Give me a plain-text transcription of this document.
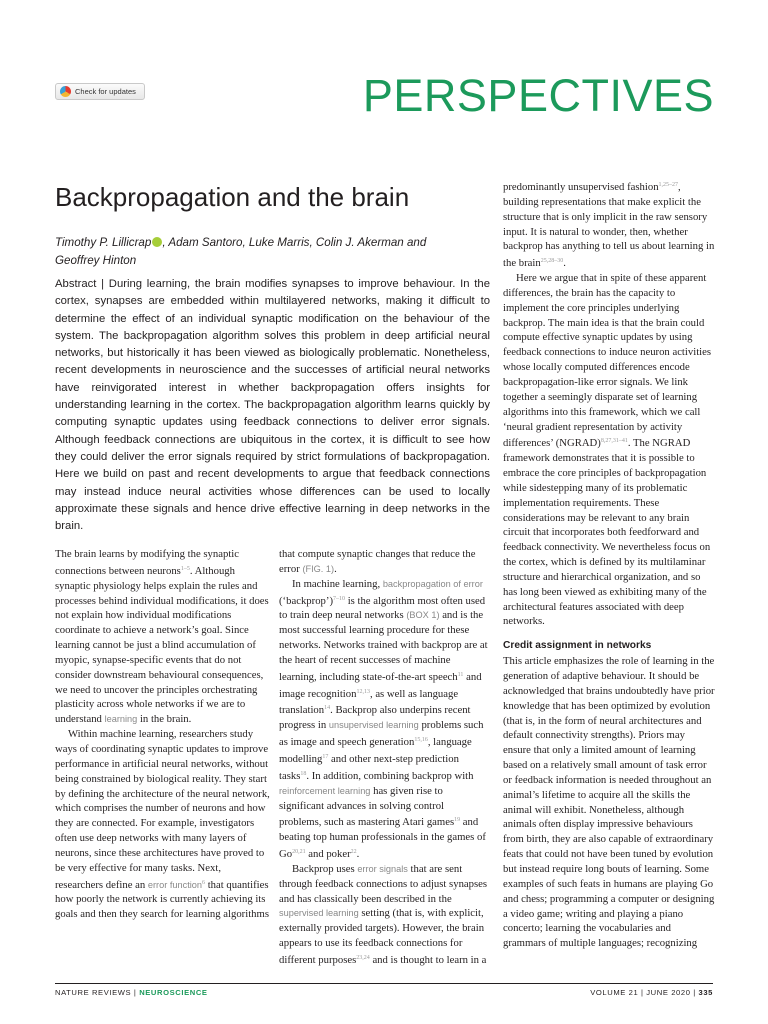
Check for updates	PERSPECTIVES
Backpropagation and the brain
Timothy P. Lillicrap , Adam Santoro, Luke Marris, Colin J. Akerman and Geoffrey Hinton

Abstract | During learning, the brain modifies synapses to improve behaviour. In the cortex, synapses are embedded within multilayered networks, making it difficult to determine the effect of an individual synaptic modification on the behaviour of the system. The backpropagation algorithm solves this problem in deep artificial neural networks, but historically it has been viewed as biologically problematic. Nonetheless, recent developments in neuroscience and the successes of artificial neural networks have reinvigorated interest in whether backpropagation offers insights for understanding learning in the cortex. The backpropagation algorithm learns quickly by computing synaptic updates using feedback connections to deliver error signals. Although feedback connections are ubiquitous in the cortex, it is difficult to see how they could deliver the error signals required by strict formulations of backpropagation. Here we build on past and recent developments to argue that feedback connections may instead induce neural activities whose differences can be used to locally approximate these signals and hence drive effective learning in deep networks in the brain.

The brain learns by modifying the synaptic connections between neurons$^{1-5}$. Although synaptic physiology helps explain the rules and processes behind individual modifications, it does not explain how individual modifications coordinate to achieve a network’s goal. Since learning cannot be just a blind accumulation of myopic, synapse-specific events that do not consider downstream behavioural consequences, we need to uncover the principles orchestrating plasticity across whole networks if we are to understand learning in the brain.

Within machine learning, researchers study ways of coordinating synaptic updates to improve performance in artificial neural networks, without being constrained by biological reality. They start by defining the architecture of the neural network, which comprises the number of neurons and how they are connected. For example, investigators often use deep networks with many layers of neurons, since these architectures have proved to be very effective for many tasks. Next, researchers define an error function$^6$ that quantifies how poorly the network is currently achieving its goals and then they search for learning algorithms

that compute synaptic changes that reduce the error (FIG. 1).

In machine learning, backpropagation of error (‘backprop’)$^{7-10}$ is the algorithm most often used to train deep neural networks (BOX 1) and is the most successful learning procedure for these networks. Networks trained with backprop are at the heart of recent successes of machine learning, including state-of-the-art speech$^{11}$ and image recognition$^{12,13}$, as well as language translation$^{14}$. Backprop also underpins recent progress in unsupervised learning problems such as image and speech generation$^{15,16}$, language modelling$^{17}$ and other next-step prediction tasks$^{18}$. In addition, combining backprop with reinforcement learning has given rise to significant advances in solving control problems, such as mastering Atari games$^{19}$ and beating top human professionals in the games of Go$^{20,21}$ and poker$^{22}$.

Backprop uses error signals that are sent through feedback connections to adjust synapses and has classically been described in the supervised learning setting (that is, with explicit, externally provided targets). However, the brain appears to use its feedback connections for different purposes$^{23,24}$ and is thought to learn in a

predominantly unsupervised fashion$^{1,25-27}$, building representations that make explicit the structure that is only implicit in the raw sensory input. It is natural to wonder, then, whether backprop has anything to tell us about learning in the brain$^{25,28-30}$.

Here we argue that in spite of these apparent differences, the brain has the capacity to implement the core principles underlying backprop. The main idea is that the brain could compute effective synaptic updates by using feedback connections to induce neuron activities whose locally computed differences encode backpropagation-like error signals. We link together a seemingly disparate set of learning algorithms into this framework, which we call ‘neural gradient representation by activity differences’ (NGRAD)$^{8,27,31-41}$. The NGRAD framework demonstrates that it is possible to embrace the core principles of backpropagation while sidestepping many of its problematic implementation requirements. These considerations may be relevant to any brain circuit that incorporates both feedforward and feedback connectivity. We nevertheless focus on the cortex, which is defined by its multilaminar structure and hierarchical organization, and so has long been viewed as exhibiting many of the architectural features associated with deep networks.

Credit assignment in networks

This article emphasizes the role of learning in the generation of adaptive behaviour. It should be acknowledged that brains undoubtedly have prior knowledge that has been optimized by evolution (that is, in the form of neural architectures and default connectivity strengths). Priors may ensure that only a limited amount of learning based on a relatively small amount of task error or feedback information is needed throughout an animal’s lifetime to acquire all the skills the animal will exhibit. Nonetheless, although animals often display impressive behaviours from birth, they are also capable of extraordinary feats that could not have been tuned by evolution but instead require long bouts of learning. Some examples of such feats in humans are playing Go and chess; programming a computer or designing a video game; writing and playing a piano concerto; learning the vocabularies and grammars of multiple languages; recognizing

NATURE REVIEWS | NEUROSCIENCE	VOLUME 21 | JUNE 2020 | 335
